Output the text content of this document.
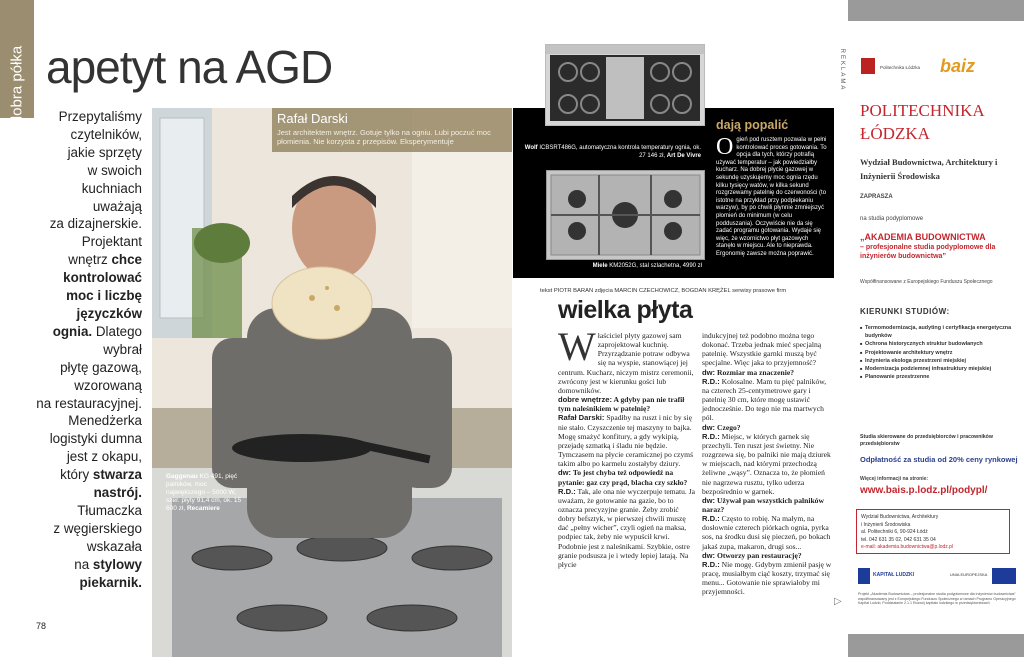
dobra półka apetyt na AGD
Przepytaliśmy
czytelników,
jakie sprzęty
w swoich
kuchniach
uważają
za dizajnerskie.
Projektant
wnętrz chce
kontrolować
moc i liczbę
języczków
ognia. Dlatego wybrał
płytę gazową,
wzorowaną
na restauracyjnej.
Menedżerka
logistyki dumna
jest z okapu,
który stwarza
nastrój. Tłumaczka
z węgierskiego
wskazała
na stylowy
piekarnik.
78
Rafał Darski
Jest architektem wnętrz. Gotuje tylko na ogniu. Lubi poczuć moc płomienia. Nie korzysta z przepisów. Eksperymentuje
Gaggenau KG 491, pięć palników, moc największego – 5000 W, szer. płyty 91,4 cm, ok. 15 600 zł, Recamiere
Wolf ICBSRT486G, automatyczna kontrola temperatury ognia, ok. 27 146 zł, Art De Vivre
Miele KM2052G, stal szlachetna, 4990 zł
dają popalić
Ogień pod rusztem pozwala w pełni kontrolować proces gotowania. To opcja dla tych, którzy potrafią używać temperatur – jak powiedziałby kucharz. Na dobrej płycie gazowej w sekundę uzyskujemy moc ognia rzędu kilku tysięcy watów, w kilka sekund rozgrzewamy patelnię do czerwoności (to istotne na przykład przy podpiekaniu warzyw), by po chwili płynnie zmniejszyć płomień do minimum (w celu podduszania). Oczywiście nie da się zadać programu gotowania. Wydaje się więc, że wzornictwo płyt gazowych stanęło w miejscu. Ale to nieprawda. Ergonomię zawsze można poprawić.
tekst PIOTR BARAN zdjęcia MARCIN CZECHOWICZ, BOGDAN KRĘŻEL serwisy prasowe firm
wielka płyta
Właściciel płyty gazowej sam zaprojektował kuchnię. Przyrządzanie potraw odbywa się na wyspie, stanowiącej jej centrum. Kucharz, niczym mistrz ceremonii, zwrócony jest w kierunku gości lub domowników.
dobre wnętrze: A gdyby pan nie trafił tym naleśnikiem w patelnię?
Rafał Darski: Spadłby na ruszt i nic by się nie stało. Czyszczenie tej maszyny to bajka. Mogę smażyć konfitury, a gdy wykipią, przejadę szmatką i śladu nie będzie. Tymczasem na płycie ceramicznej po czymś takim albo po karmelu zostałyby dziury.
dw: To jest chyba też odpowiedź na pytanie: gaz czy prąd, blacha czy szkło?
R.D.: Tak, ale ona nie wyczerpuje tematu. Ja uważam, że gotowanie na gazie, bo to oznacza precyzyjne granie. Żeby zrobić dobry befsztyk, w pierwszej chwili muszę dać „pełny wicher”, czyli ogień na maksa, podpiec tak, żeby nie wypuścił krwi. Podobnie jest z naleśnikami. Szybkie, ostre granie podsusza je i wtedy lepiej latają. Na płycie
indukcyjnej też podobno można tego dokonać. Trzeba jednak mieć specjalną patelnię. Wszystkie garnki muszą być specjalne. Więc jaka to przyjemność?
dw: Rozmiar ma znaczenie?
R.D.: Kolosalne. Mam tu pięć palników, na czterech 25-centymetrowe gary i patelnię 30 cm, które mogę ustawić jednocześnie. Do tego nie ma martwych pól.
dw: Czego?
R.D.: Miejsc, w których garnek się przechyli. Ten ruszt jest świetny. Nie rozgrzewa się, bo palniki nie mają dziurek w miejscach, nad którymi przechodzą żeliwne „wąsy”. Oznacza to, że płomień nie nagrzewa rusztu, tylko uderza bezpośrednio w garnek.
dw: Używał pan wszystkich palników naraz?
R.D.: Często to robię. Na małym, na dosłownie czterech piórkach ognia, pyrka sos, na środku dusi się pieczeń, po bokach jakaś zupa, makaron, drugi sos...
dw: Otworzy pan restaurację?
R.D.: Nie mogę. Gdybym zmienił pasję w pracę, musiałbym ciąć koszty, trzymać się menu... Gotowanie nie sprawiałoby mi przyjemności.
▷
REKLAMA	Politechnika Łódzka baiz
POLITECHNIKA
ŁÓDZKA
Wydział Budownictwa, Architektury i Inżynierii Środowiska
ZAPRASZA
na studia podyplomowe
„AKADEMIA BUDOWNICTWA
– profesjonalne studia podyplomowe dla inżynierów budownictwa”
Współfinansowane z Europejskiego Funduszu Społecznego
KIERUNKI STUDIÓW:
■ Termomodernizacja, audyting i certyfikacja energetyczna budynków
■ Ochrona historycznych struktur budowlanych
■ Projektowanie architektury wnętrz
■ Inżynieria ekologa przestrzeni miejskiej
■ Modernizacja podziemnej infrastruktury miejskiej
■ Planowanie przestrzenne
Studia skierowane do przedsiębiorców i pracowników przedsiębiorstw
Odpłatność za studia od 20% ceny rynkowej
Więcej informacji na stronie:
www.bais.p.lodz.pl/podypl/
Wydział Budownictwa, Architektury
i Inżynierii Środowiska
al. Politechniki 6, 90-924 Łódź
tel. 042 631 35 02, 042 631 35 04
e-mail: akademia.budownictwa@p.lodz.pl
KAPITAŁ LUDZKI	UNIA EUROPEJSKA
Projekt „Akademia Budownictwa – profesjonalne studia podyplomowe dla inżynierów budownictwa” współfinansowany jest z Europejskiego Funduszu Społecznego w ramach Programu Operacyjnego Kapitał Ludzki, Poddziałanie 2.1.1 Rozwój kapitału ludzkiego w przedsiębiorstwach
